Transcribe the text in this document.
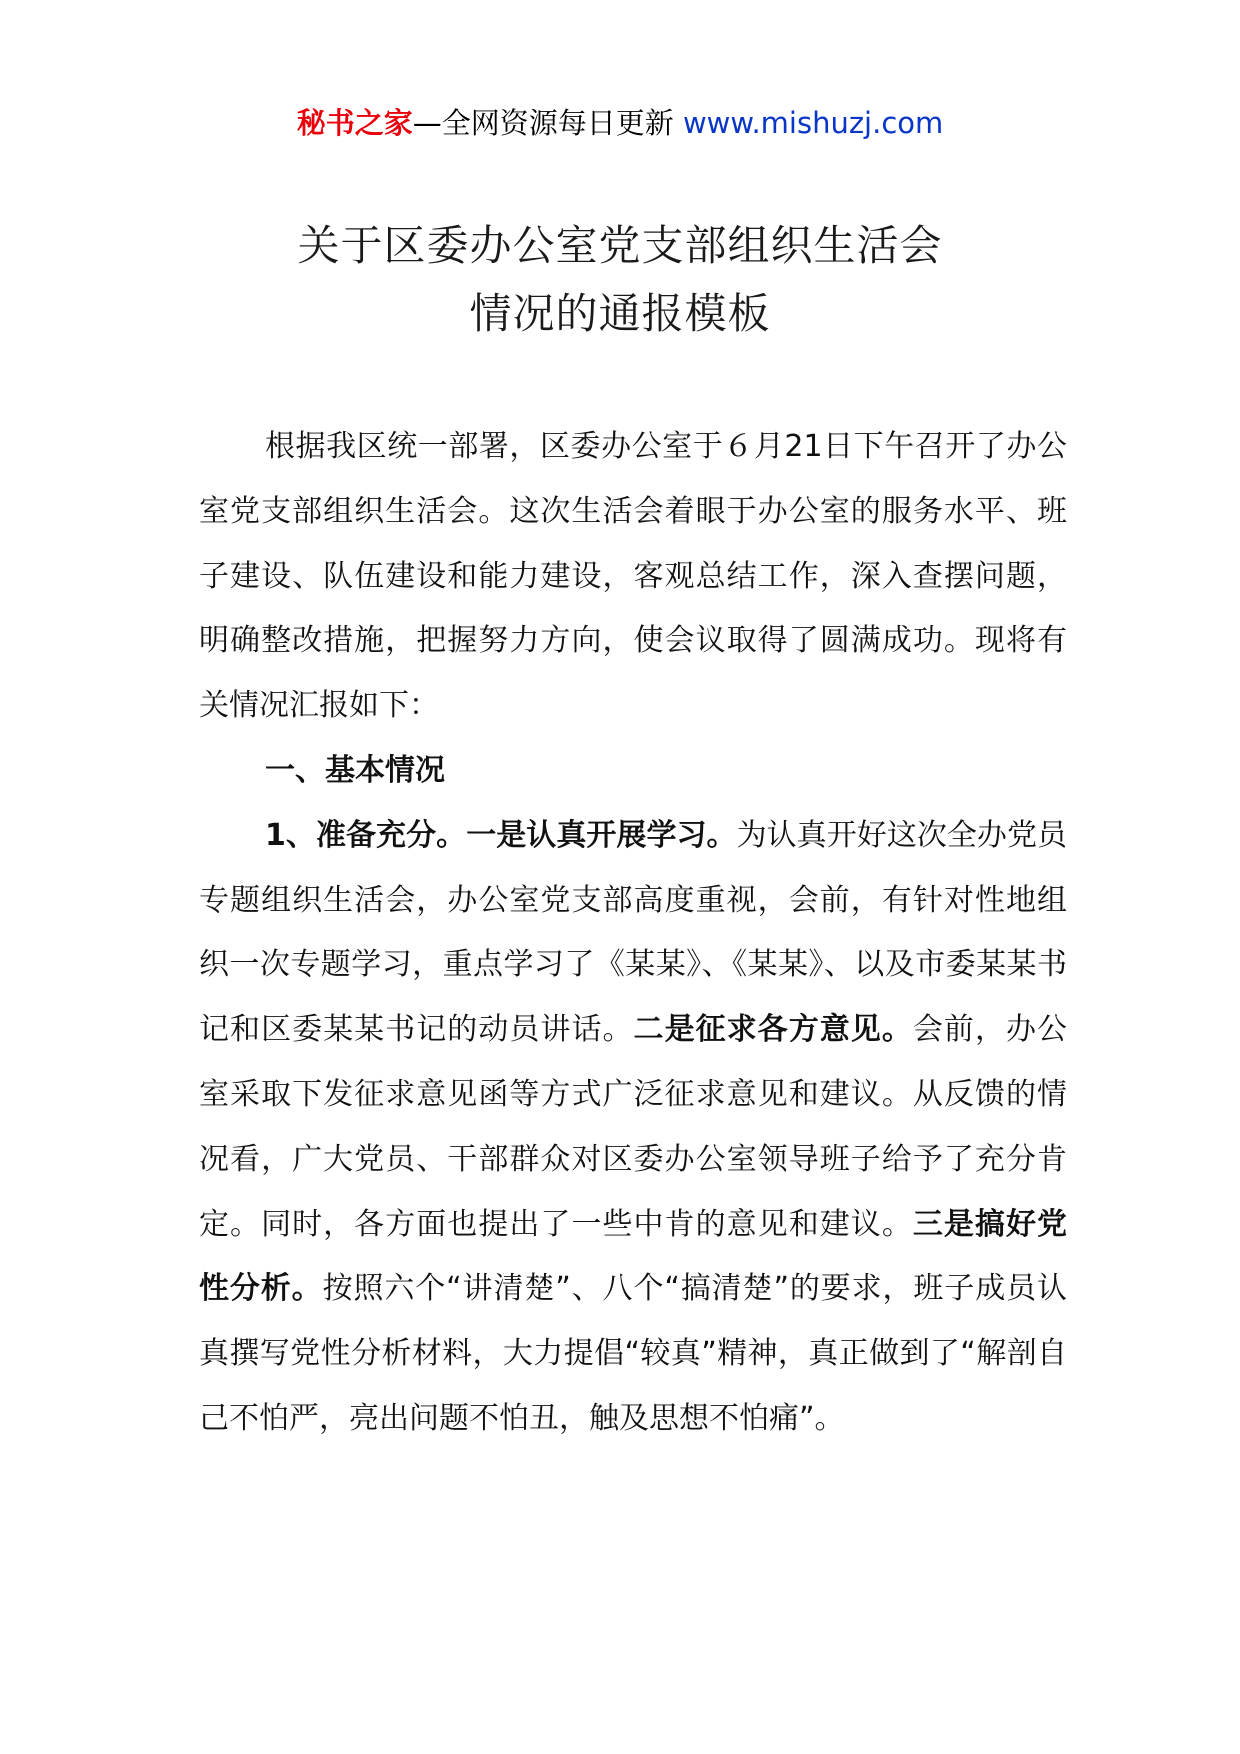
秘书之家—全网资源每日更新 www.mishuzj.com
关于区委办公室党支部组织生活会
情况的通报模板

根据我区统一部署，区委办公室于６月21日下午召开了办公室党支部组织生活会。这次生活会着眼于办公室的服务水平、班子建设、队伍建设和能力建设，客观总结工作，深入查摆问题，明确整改措施，把握努力方向，使会议取得了圆满成功。现将有关情况汇报如下：

一、基本情况

1、准备充分。一是认真开展学习。为认真开好这次全办党员专题组织生活会，办公室党支部高度重视，会前，有针对性地组织一次专题学习，重点学习了《某某》、《某某》、以及市委某某书记和区委某某书记的动员讲话。二是征求各方意见。会前，办公室采取下发征求意见函等方式广泛征求意见和建议。从反馈的情况看，广大党员、干部群众对区委办公室领导班子给予了充分肯定。同时，各方面也提出了一些中肯的意见和建议。三是搞好党性分析。按照六个“讲清楚”、八个“搞清楚”的要求，班子成员认真撰写党性分析材料，大力提倡“较真”精神，真正做到了“解剖自己不怕严，亮出问题不怕丑，触及思想不怕痛”。
